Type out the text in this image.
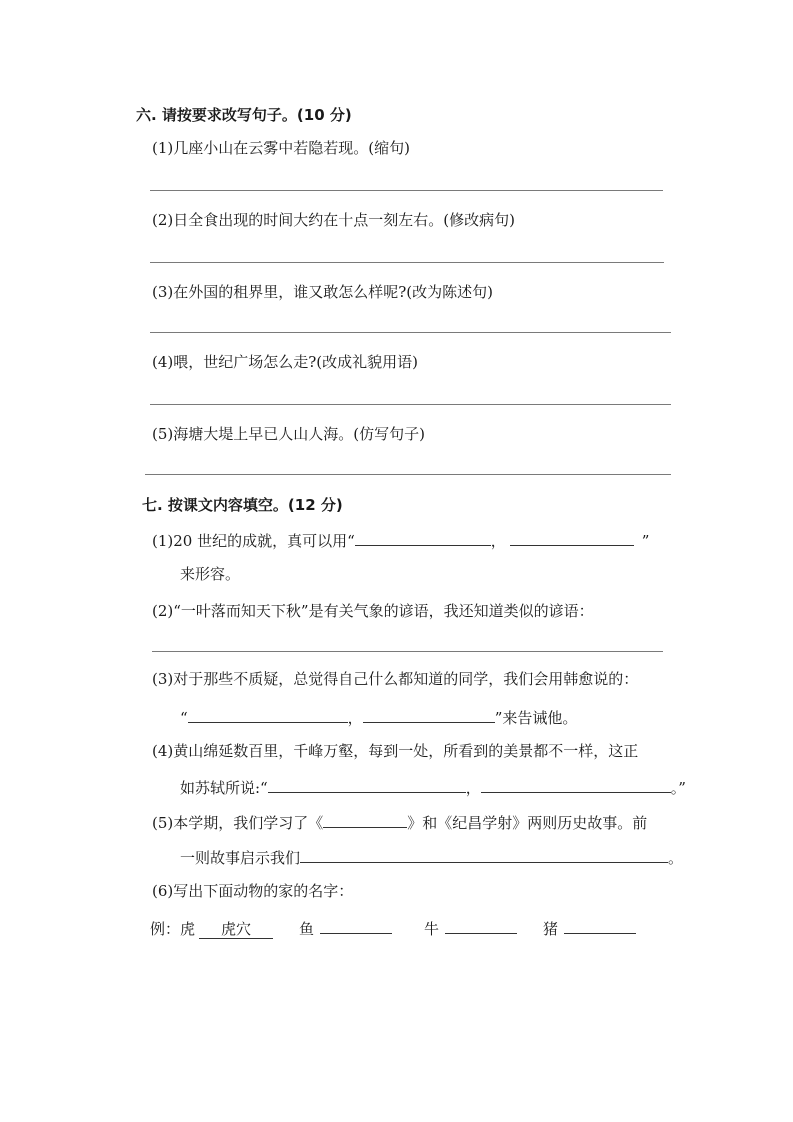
六. 请按要求改写句子。(10 分)
(1)几座小山在云雾中若隐若现。(缩句)
(2)日全食出现的时间大约在十点一刻左右。(修改病句)
(3)在外国的租界里，谁又敢怎么样呢?(改为陈述句)
(4)喂，世纪广场怎么走?(改成礼貌用语)
(5)海塘大堤上早已人山人海。(仿写句子)
七. 按课文内容填空。(12 分)
(1)20 世纪的成就，真可以用“	，	”
来形容。
(2)“一叶落而知天下秋”是有关气象的谚语，我还知道类似的谚语：
(3)对于那些不质疑，总觉得自己什么都知道的同学，我们会用韩愈说的：
“	，	”来告诫他。
(4)黄山绵延数百里，千峰万壑，每到一处，所看到的美景都不一样，这正
如苏轼所说:“	，	。”
(5)本学期，我们学习了《	》和《纪昌学射》两则历史故事。前
一则故事启示我们	。
(6)写出下面动物的家的名字：
例：虎 虎穴	鱼	牛	猪
